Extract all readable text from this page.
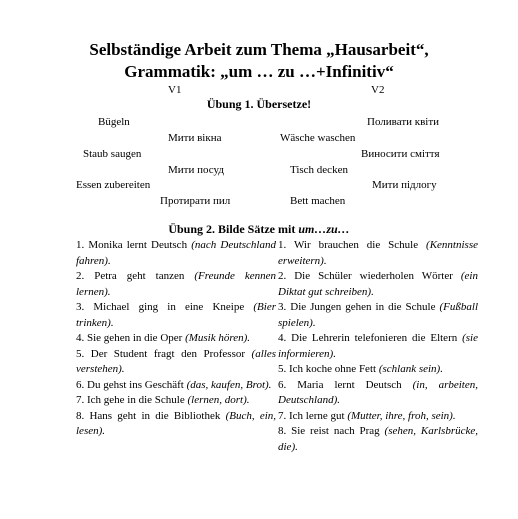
Selbständige Arbeit zum Thema „Hausarbeit“,
Grammatik: „um … zu …+Infinitiv“
V1	V2
Übung 1. Übersetze!
Bügeln	Поливати квіти
Мити вікна	Wäsche waschen
Staub saugen	Виносити сміття
Мити посуд	Tisch decken
Essen zubereiten	Мити підлогу
Протирати пил	Bett machen
Übung 2. Bilde Sätze mit um…zu…
1. Monika lernt Deutsch (nach Deutschland fahren).
2. Petra geht tanzen (Freunde kennen lernen).
3. Michael ging in eine Kneipe (Bier trinken).
4. Sie gehen in die Oper (Musik hören).
5. Der Student fragt den Professor (alles verstehen).
6. Du gehst ins Geschäft (das, kaufen, Brot).
7. Ich gehe in die Schule (lernen, dort).
8. Hans geht in die Bibliothek (Buch, ein, lesen).
1. Wir brauchen die Schule (Kenntnisse erweitern).
2. Die Schüler wiederholen Wörter (ein Diktat gut schreiben).
3. Die Jungen gehen in die Schule (Fußball spielen).
4. Die Lehrerin telefonieren die Eltern (sie informieren).
5. Ich koche ohne Fett (schlank sein).
6. Maria lernt Deutsch (in, arbeiten, Deutschland).
7. Ich lerne gut (Mutter, ihre, froh, sein).
8. Sie reist nach Prag (sehen, Karlsbrücke, die).
